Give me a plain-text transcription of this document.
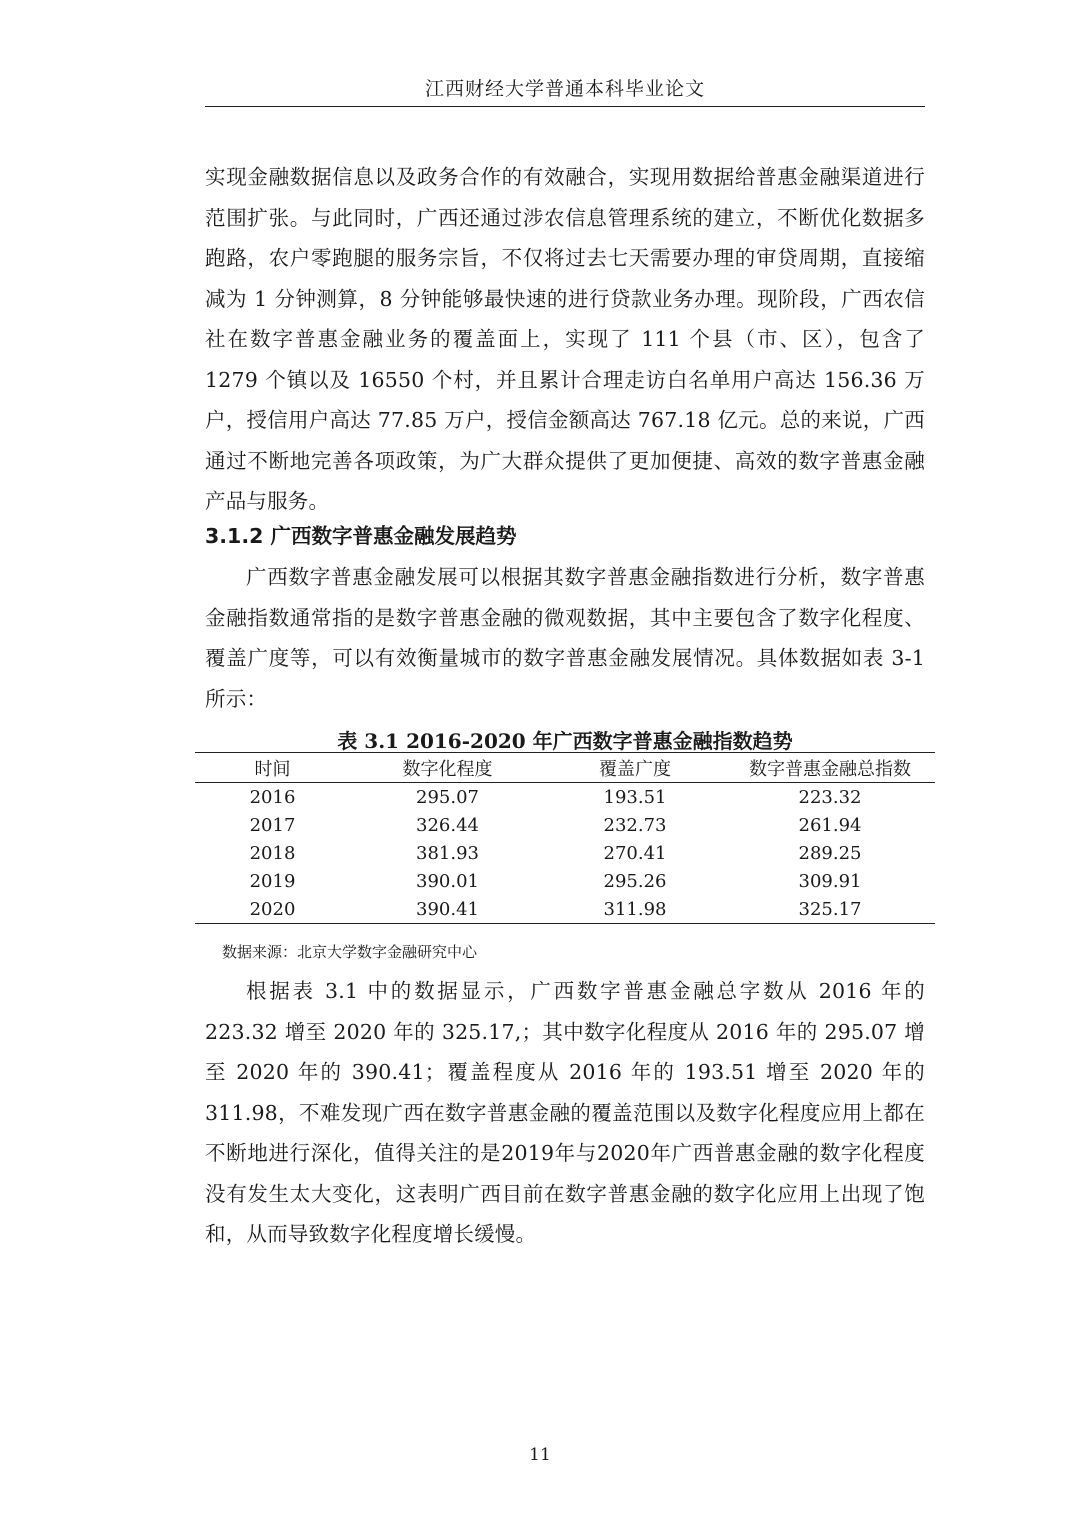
江西财经大学普通本科毕业论文

实现金融数据信息以及政务合作的有效融合，实现用数据给普惠金融渠道进行范围扩张。与此同时，广西还通过涉农信息管理系统的建立，不断优化数据多跑路，农户零跑腿的服务宗旨，不仅将过去七天需要办理的审贷周期，直接缩减为 1 分钟测算，8 分钟能够最快速的进行贷款业务办理。现阶段，广西农信社在数字普惠金融业务的覆盖面上，实现了 111 个县（市、区），包含了 1279 个镇以及 16550 个村，并且累计合理走访白名单用户高达 156.36 万户，授信用户高达 77.85 万户，授信金额高达 767.18 亿元。总的来说，广西通过不断地完善各项政策，为广大群众提供了更加便捷、高效的数字普惠金融产品与服务。

3.1.2 广西数字普惠金融发展趋势

广西数字普惠金融发展可以根据其数字普惠金融指数进行分析，数字普惠金融指数通常指的是数字普惠金融的微观数据，其中主要包含了数字化程度、覆盖广度等，可以有效衡量城市的数字普惠金融发展情况。具体数据如表 3-1 所示：

表 3.1 2016-2020 年广西数字普惠金融指数趋势
时间	数字化程度	覆盖广度	数字普惠金融总指数
2016	295.07	193.51	223.32
2017	326.44	232.73	261.94
2018	381.93	270.41	289.25
2019	390.01	295.26	309.91
2020	390.41	311.98	325.17
数据来源：北京大学数字金融研究中心

根据表 3.1 中的数据显示，广西数字普惠金融总字数从 2016 年的 223.32 增至 2020 年的 325.17,；其中数字化程度从 2016 年的 295.07 增至 2020 年的 390.41；覆盖程度从 2016 年的 193.51 增至 2020 年的 311.98，不难发现广西在数字普惠金融的覆盖范围以及数字化程度应用上都在不断地进行深化，值得关注的是2019年与2020年广西普惠金融的数字化程度没有发生太大变化，这表明广西目前在数字普惠金融的数字化应用上出现了饱和，从而导致数字化程度增长缓慢。

11
